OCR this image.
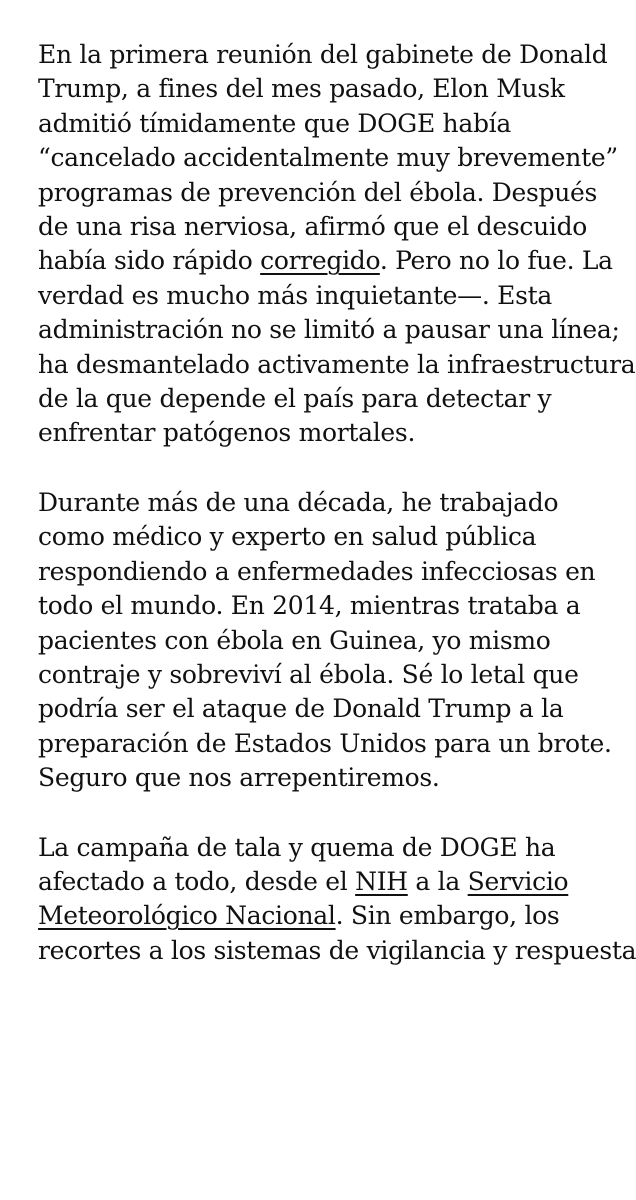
En la primera reunión del gabinete de Donald
Trump, a fines del mes pasado, Elon Musk
admitió tímidamente que DOGE había
“cancelado accidentalmente muy brevemente”
programas de prevención del ébola. Después
de una risa nerviosa, afirmó que el descuido
había sido rápido corregido. Pero no lo fue. La
verdad es mucho más inquietante—. Esta
administración no se limitó a pausar una línea;
ha desmantelado activamente la infraestructura
de la que depende el país para detectar y
enfrentar patógenos mortales.

Durante más de una década, he trabajado
como médico y experto en salud pública
respondiendo a enfermedades infecciosas en
todo el mundo. En 2014, mientras trataba a
pacientes con ébola en Guinea, yo mismo
contraje y sobreviví al ébola. Sé lo letal que
podría ser el ataque de Donald Trump a la
preparación de Estados Unidos para un brote.
Seguro que nos arrepentiremos.

La campaña de tala y quema de DOGE ha
afectado a todo, desde el NIH a la Servicio
Meteorológico Nacional. Sin embargo, los
recortes a los sistemas de vigilancia y respuesta
